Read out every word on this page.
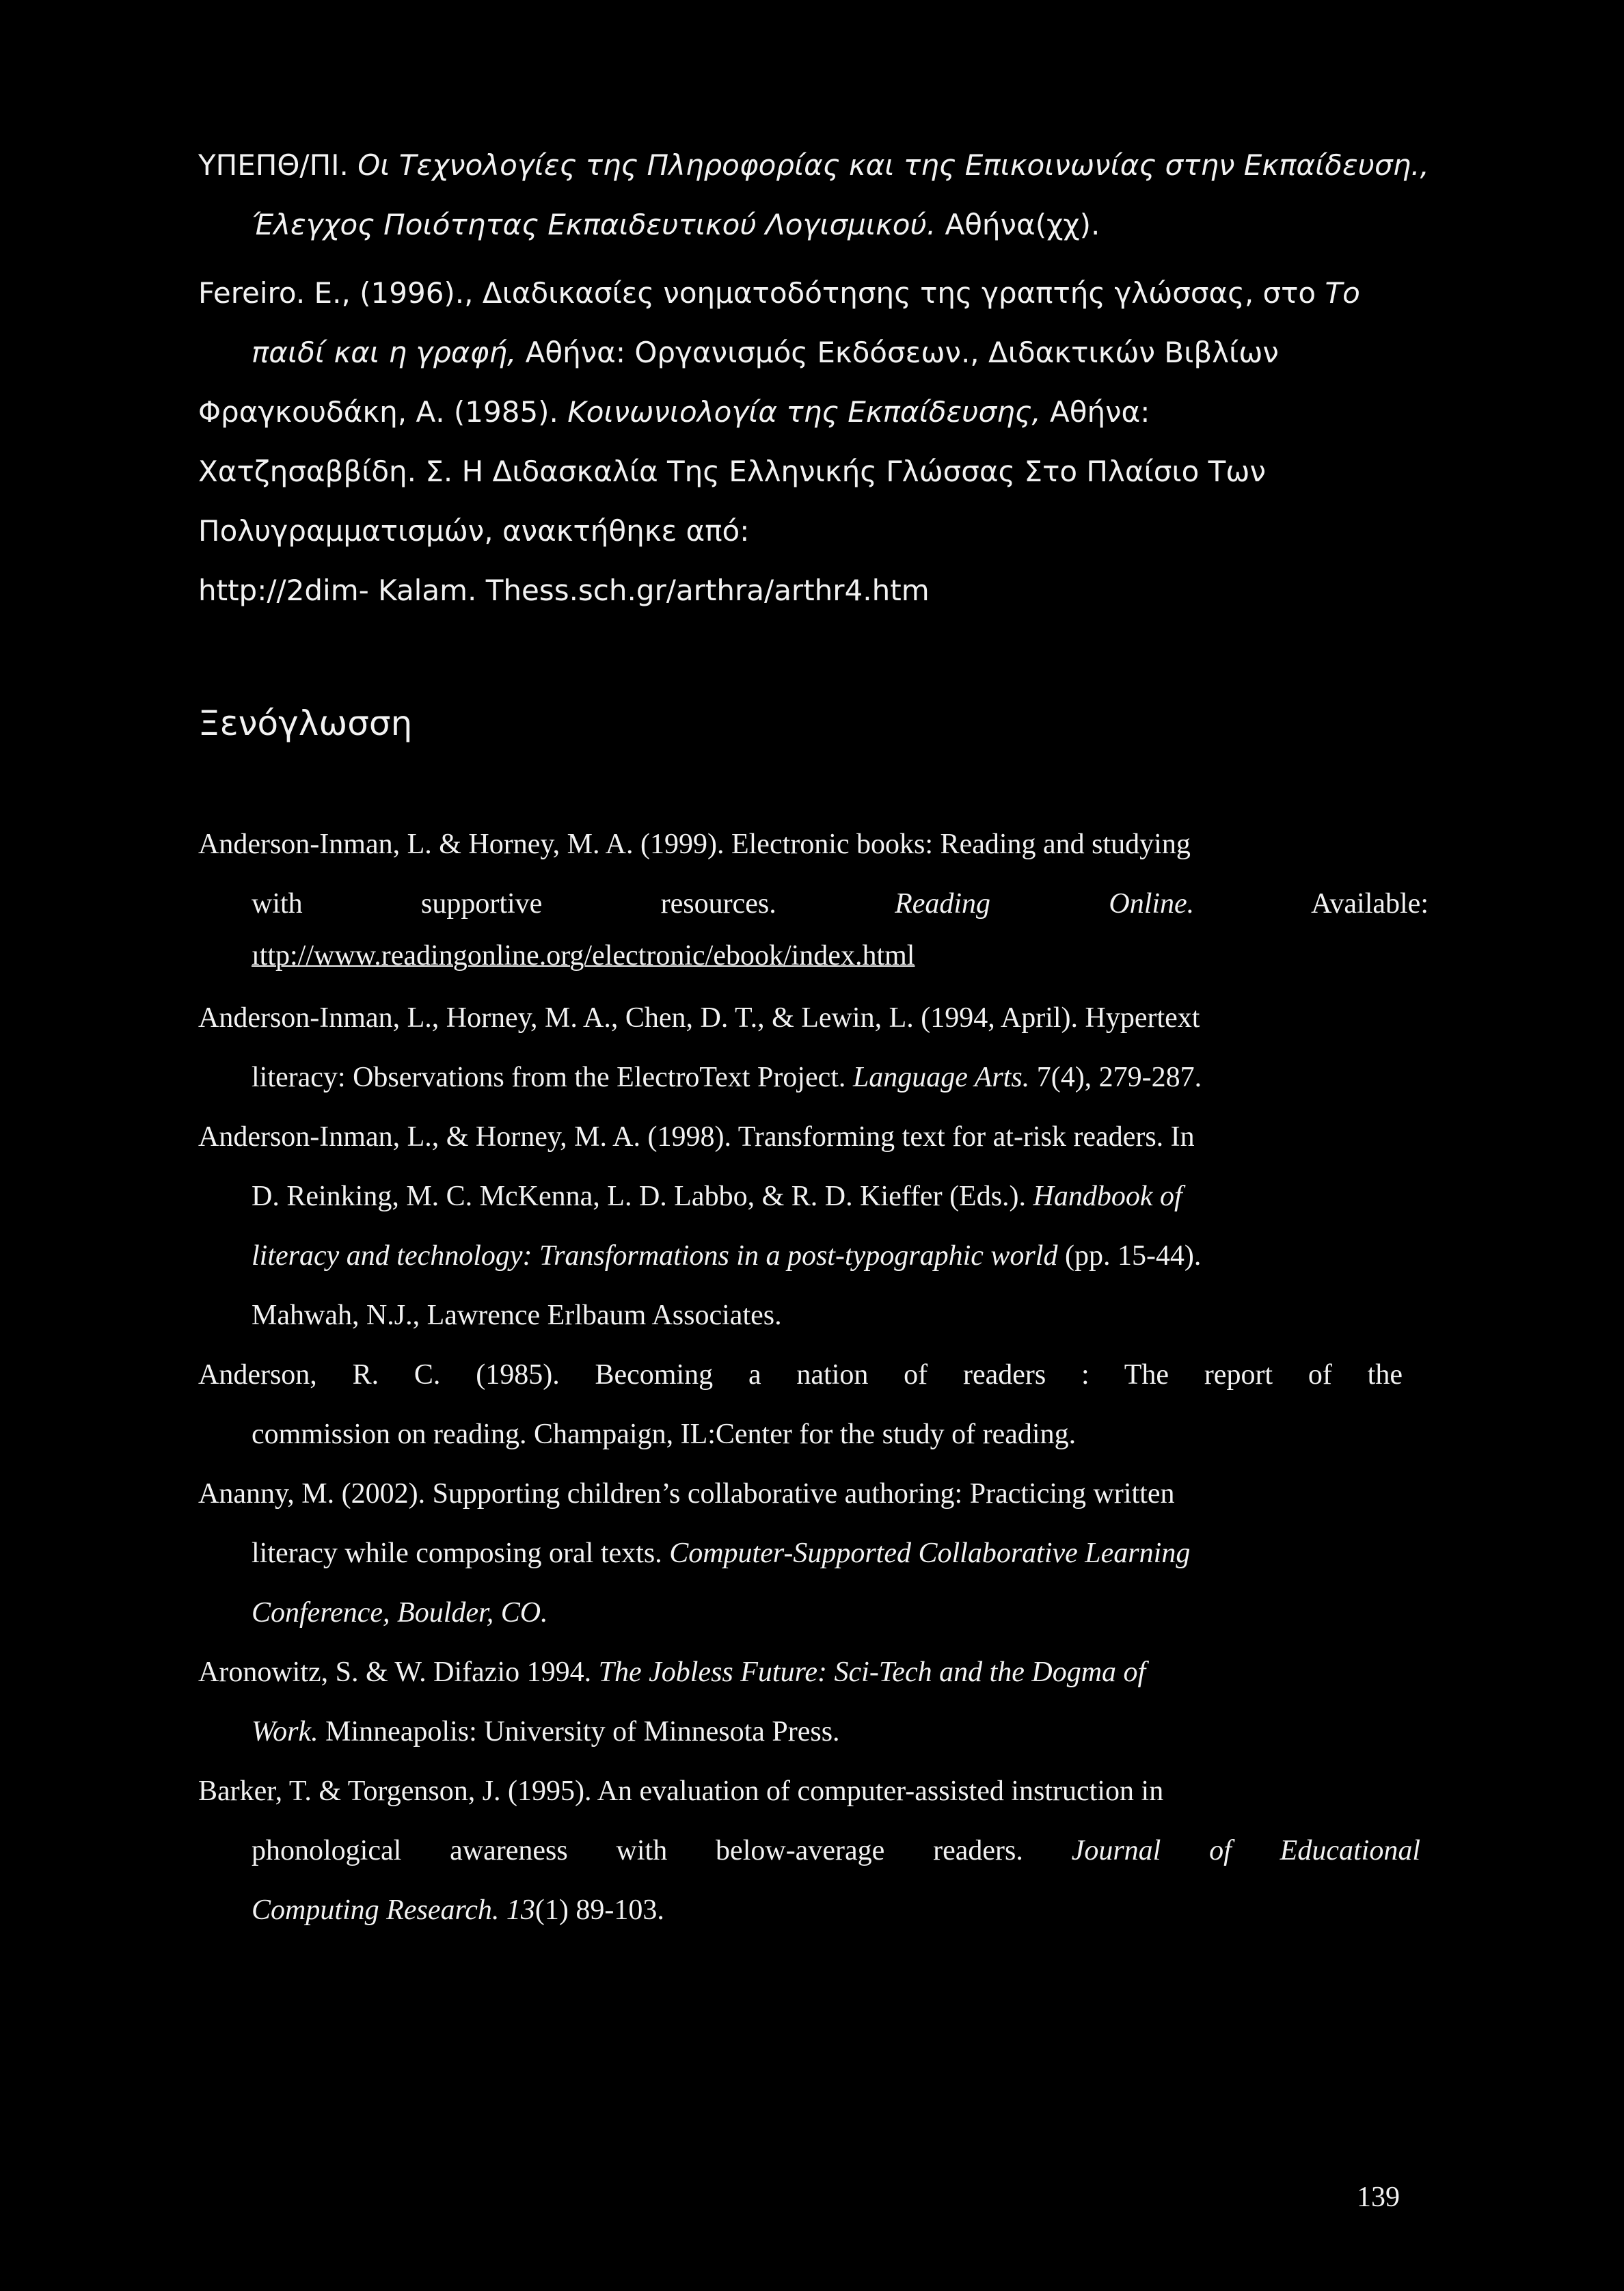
ΥΠΕΠΘ/ΠΙ. Οι Τεχνολογίες της Πληροφορίας και της Επικοινωνίας στην Εκπαίδευση.,
Έλεγχος Ποιότητας Εκπαιδευτικού Λογισμικού. Αθήνα(χχ).
Fereiro. E., (1996)., Διαδικασίες νοηματοδότησης της γραπτής γλώσσας, στο Το
παιδί και η γραφή, Αθήνα: Οργανισμός Εκδόσεων., Διδακτικών Βιβλίων
Φραγκουδάκη, Α. (1985). Κοινωνιολογία της Εκπαίδευσης, Αθήνα:
Χατζησαββίδη. Σ. Η Διδασκαλία Της Ελληνικής Γλώσσας Στο Πλαίσιο Των
Πολυγραμματισμών, ανακτήθηκε από:
http://2dim- Kalam. Thess.sch.gr/arthra/arthr4.htm
Ξενόγλωσση
Anderson-Inman, L. & Horney, M. A. (1999). Electronic books: Reading and studying
with supportive resources. Reading Online. Available:
ıttp://www.readingonline.org/electronic/ebook/index.html
Anderson-Inman, L., Horney, M. A., Chen, D. T., & Lewin, L. (1994, April). Hypertext
literacy: Observations from the ElectroText Project. Language Arts. 7(4), 279-287.
Anderson-Inman, L., & Horney, M. A. (1998). Transforming text for at-risk readers. In
D. Reinking, M. C. McKenna, L. D. Labbo, & R. D. Kieffer (Eds.). Handbook of
literacy and technology: Transformations in a post-typographic world (pp. 15-44).
Mahwah, N.J., Lawrence Erlbaum Associates.
Anderson, R. C. (1985). Becoming a nation of readers : The report of the
commission on reading. Champaign, IL:Center for the study of reading.
Ananny, M. (2002). Supporting children’s collaborative authoring: Practicing written
literacy while composing oral texts. Computer-Supported Collaborative Learning
Conference, Boulder, CO.
Aronowitz, S. & W. Difazio 1994. The Jobless Future: Sci-Tech and the Dogma of
Work. Minneapolis: University of Minnesota Press.
Barker, T. & Torgenson, J. (1995). An evaluation of computer-assisted instruction in
phonological awareness with below-average readers. Journal of Educational
Computing Research. 13(1) 89-103.
139
